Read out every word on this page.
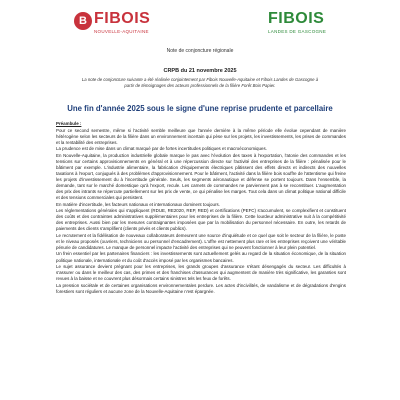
B FIBOIS
NOUVELLE-AQUITAINE
FIBOIS
LANDES DE GASCOGNE
Note de conjoncture régionale
CRPB du 21 novembre 2025
La note de conjoncture suivante a été réalisée conjointement par Fibois Nouvelle-Aquitaine et Fibois Landes de Gascogne à partir de témoignages des acteurs professionnels de la filière Forêt Bois Papier.
Une fin d'année 2025 sous le signe d'une reprise prudente et parcellaire

Préambule :

Pour ce second semestre, même si l'activité semble meilleure que l'année dernière à la même période elle évolue cependant de manière hétérogène selon les secteurs de la filière dans un environnement incertain qui pèse sur les projets, les investissements, les prises de commandes et la rentabilité des entreprises.

La prudence est de mise dans un climat marqué par de fortes incertitudes politiques et macroéconomiques.

En Nouvelle-Aquitaine, la production industrielle globale marque le pas avec l'évolution des taxes à l'exportation, l'atonie des commandes et les tensions sur certains approvisionnements en général et à une répercussion directe sur l'activité des entreprises de la filière : pénalisée pour le bâtiment par exemple. L'industrie alimentaire, la fabrication d'équipements électriques pâtissent des effets directs et indirects des nouvelles taxations à l'export, conjugués à des problèmes d'approvisionnement. Pour le bâtiment, l'activité dans la filière bois souffre de l'attentisme qui freine les projets d'investissement du à l'incertitude générale. Seuls, les segments aéronautique et défense se portent toujours. Dans l'ensemble, la demande, tant sur le marché domestique qu'à l'export, recule. Les carnets de commandes ne parviennent pas à se reconstituer. L'augmentation des prix des intrants se répercute partiellement sur les prix de vente, ce qui pénalise les marges. Tout cela dans un climat politique national difficile et des tensions commerciales qui persistent.

En matière d'incertitude, les facteurs nationaux et internationaux dominent toujours.

Les réglementations générales qui s'appliquent (RDUE, RE2020, REP, RED) et certifications (PEFC) s'accumulent, se complexifient et constituent des coûts et des contraintes administratives supplémentaires pour les entreprises de la filière. Cette lourdeur administrative nuit à la compétitivité des entreprises. Aussi bien par les mesures contraignantes imposées que par la mobilisation du personnel nécessaire. En outre, les retards de paiements des clients s'amplifient (clients privés et clients publics).

Le recrutement et la fidélisation de nouveaux collaborateurs demeurent une source d'inquiétude et ce quel que soit le secteur de la filière, le poste et le niveau proposés (ouvriers, techniciens ou personnel d'encadrement). L'offre est nettement plus rare et les entreprises reçoivent une véritable pénurie de candidatures. Le manque de personnel impacte l'activité des entreprises qui ne peuvent fonctionner à leur plein potentiel.

Un frein essentiel par les partenaires financiers : les investissements sont actuellement gelés au regard de la situation économique, de la situation politique nationale, internationale et du coût d'accès imposé par les organismes bancaires.

Le sujet assurance devient prégnant pour les entreprises, les grands groupes d'assurance s'étant désengagés du secteur. Les difficultés à s'assurer ou dans le meilleur des cas, des primes et des franchises d'assurances qui augmentent de manière très significative, les garanties sont revues à la baisse et ne couvrent plus désormais certains sinistres tels les feux de forêts.

La pression sociétale et de certaines organisations environnementales perdure. Les actes d'incivilités, de vandalisme et de dégradations d'engins forestiers sont réguliers et aucune zone de la Nouvelle-Aquitaine n'est épargnée.
